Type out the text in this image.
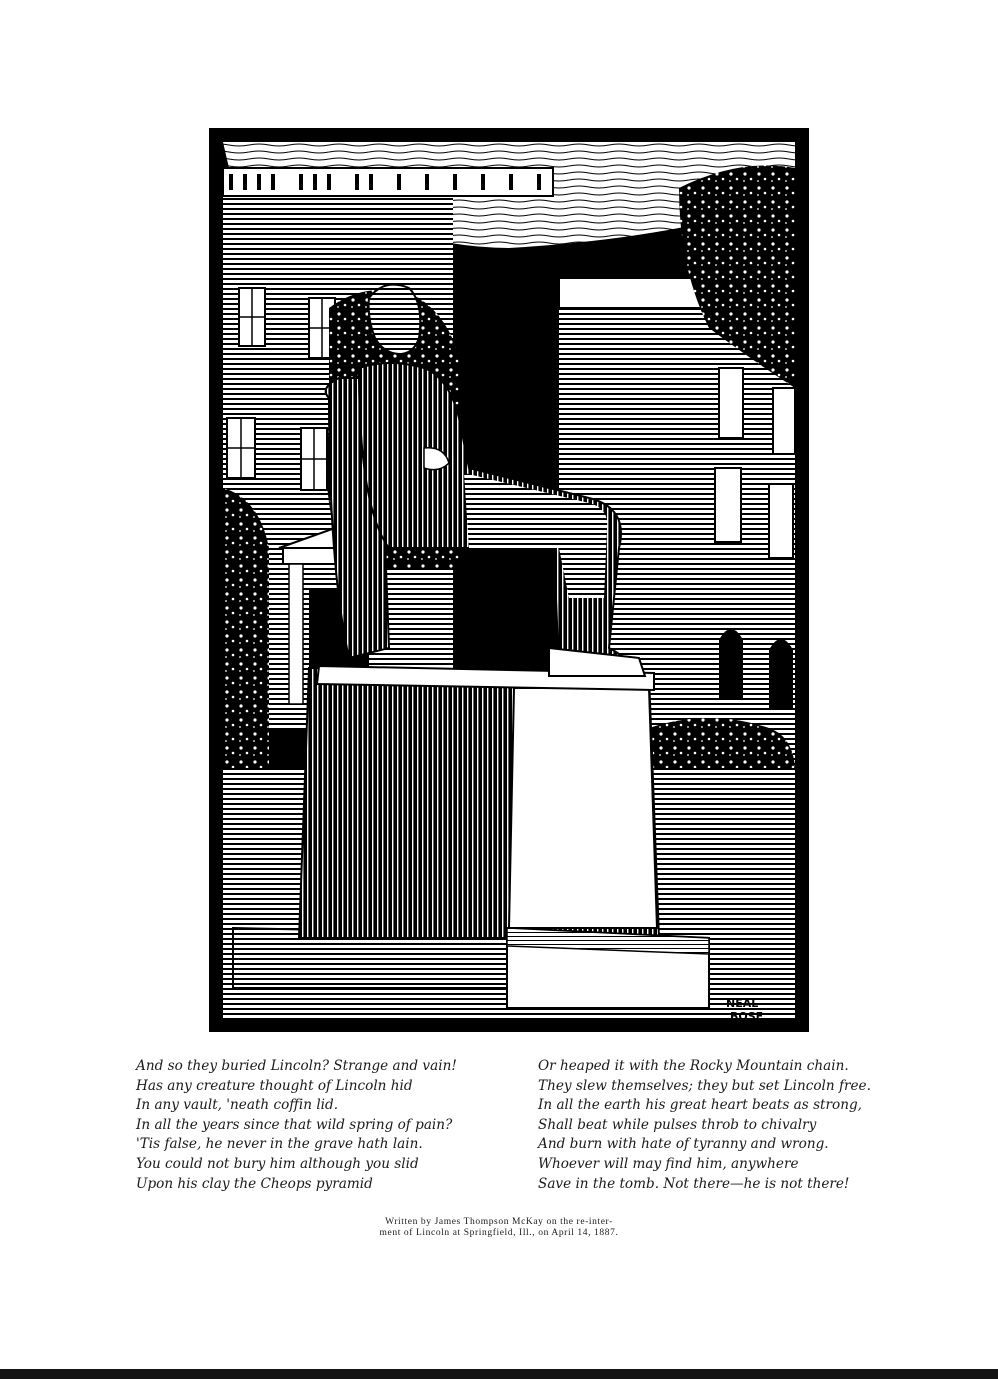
NEAL
BOSE
And so they buried Lincoln? Strange and vain!
Has any creature thought of Lincoln hid
In any vault, 'neath coffin lid.
In all the years since that wild spring of pain?
'Tis false, he never in the grave hath lain.
You could not bury him although you slid
Upon his clay the Cheops pyramid
Or heaped it with the Rocky Mountain chain.
They slew themselves; they but set Lincoln free.
In all the earth his great heart beats as strong,
Shall beat while pulses throb to chivalry
And burn with hate of tyranny and wrong.
Whoever will may find him, anywhere
Save in the tomb. Not there—he is not there!
Written by James Thompson McKay on the re-inter-
ment of Lincoln at Springfield, Ill., on April 14, 1887.
